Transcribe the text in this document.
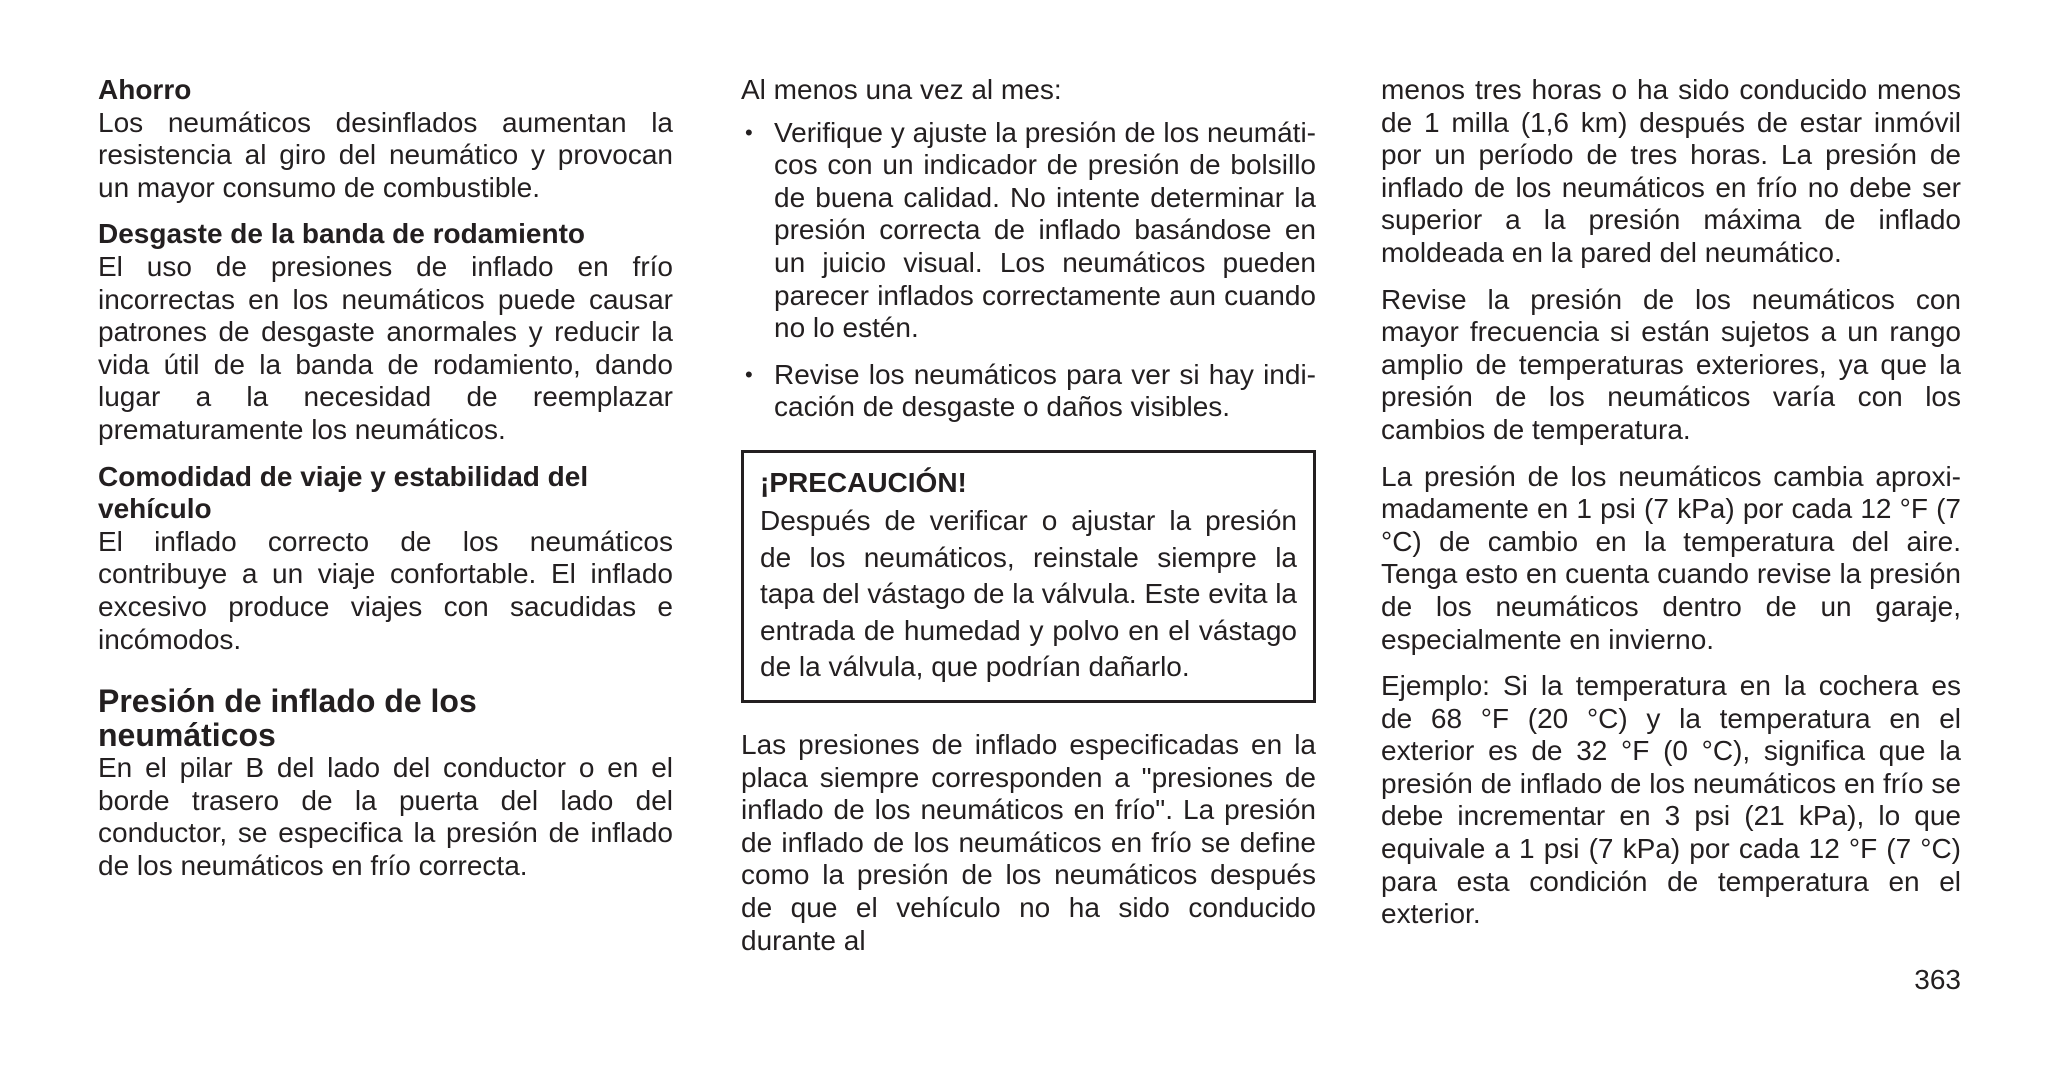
Ahorro

Los neumáticos desinflados aumentan la resistencia al giro del neumático y provocan un mayor consumo de combustible.

Desgaste de la banda de rodamiento

El uso de presiones de inflado en frío incorrectas en los neumáticos puede causar patrones de desgaste anormales y reducir la vida útil de la banda de rodamiento, dando lugar a la necesidad de reemplazar prematuramente los neumáticos.

Comodidad de viaje y estabilidad del vehículo

El inflado correcto de los neumáticos contribuye a un viaje confortable. El inflado excesivo produce viajes con sacudidas e incómodos.

Presión de inflado de los neumáticos

En el pilar B del lado del conductor o en el borde trasero de la puerta del lado del conductor, se especifica la presión de inflado de los neumáticos en frío correcta.

Al menos una vez al mes:

• Verifique y ajuste la presión de los neumáticos con un indicador de presión de bolsillo de buena calidad. No intente determinar la presión correcta de inflado basándose en un juicio visual. Los neumáticos pueden parecer inflados correctamente aun cuando no lo estén.
• Revise los neumáticos para ver si hay indicación de desgaste o daños visibles.

¡PRECAUCIÓN!

Después de verificar o ajustar la presión de los neumáticos, reinstale siempre la tapa del vástago de la válvula. Este evita la entrada de humedad y polvo en el vástago de la válvula, que podrían dañarlo.

Las presiones de inflado especificadas en la placa siempre corresponden a "presiones de inflado de los neumáticos en frío". La presión de inflado de los neumáticos en frío se define como la presión de los neumáticos después de que el vehículo no ha sido conducido durante al

menos tres horas o ha sido conducido menos de 1 milla (1,6 km) después de estar inmóvil por un período de tres horas. La presión de inflado de los neumáticos en frío no debe ser superior a la presión máxima de inflado moldeada en la pared del neumático.

Revise la presión de los neumáticos con mayor frecuencia si están sujetos a un rango amplio de temperaturas exteriores, ya que la presión de los neumáticos varía con los cambios de temperatura.

La presión de los neumáticos cambia aproximadamente en 1 psi (7 kPa) por cada 12 °F (7 °C) de cambio en la temperatura del aire. Tenga esto en cuenta cuando revise la presión de los neumáticos dentro de un garaje, especialmente en invierno.

Ejemplo: Si la temperatura en la cochera es de 68 °F (20 °C) y la temperatura en el exterior es de 32 °F (0 °C), significa que la presión de inflado de los neumáticos en frío se debe incrementar en 3 psi (21 kPa), lo que equivale a 1 psi (7 kPa) por cada 12 °F (7 °C) para esta condición de temperatura en el exterior.

363
